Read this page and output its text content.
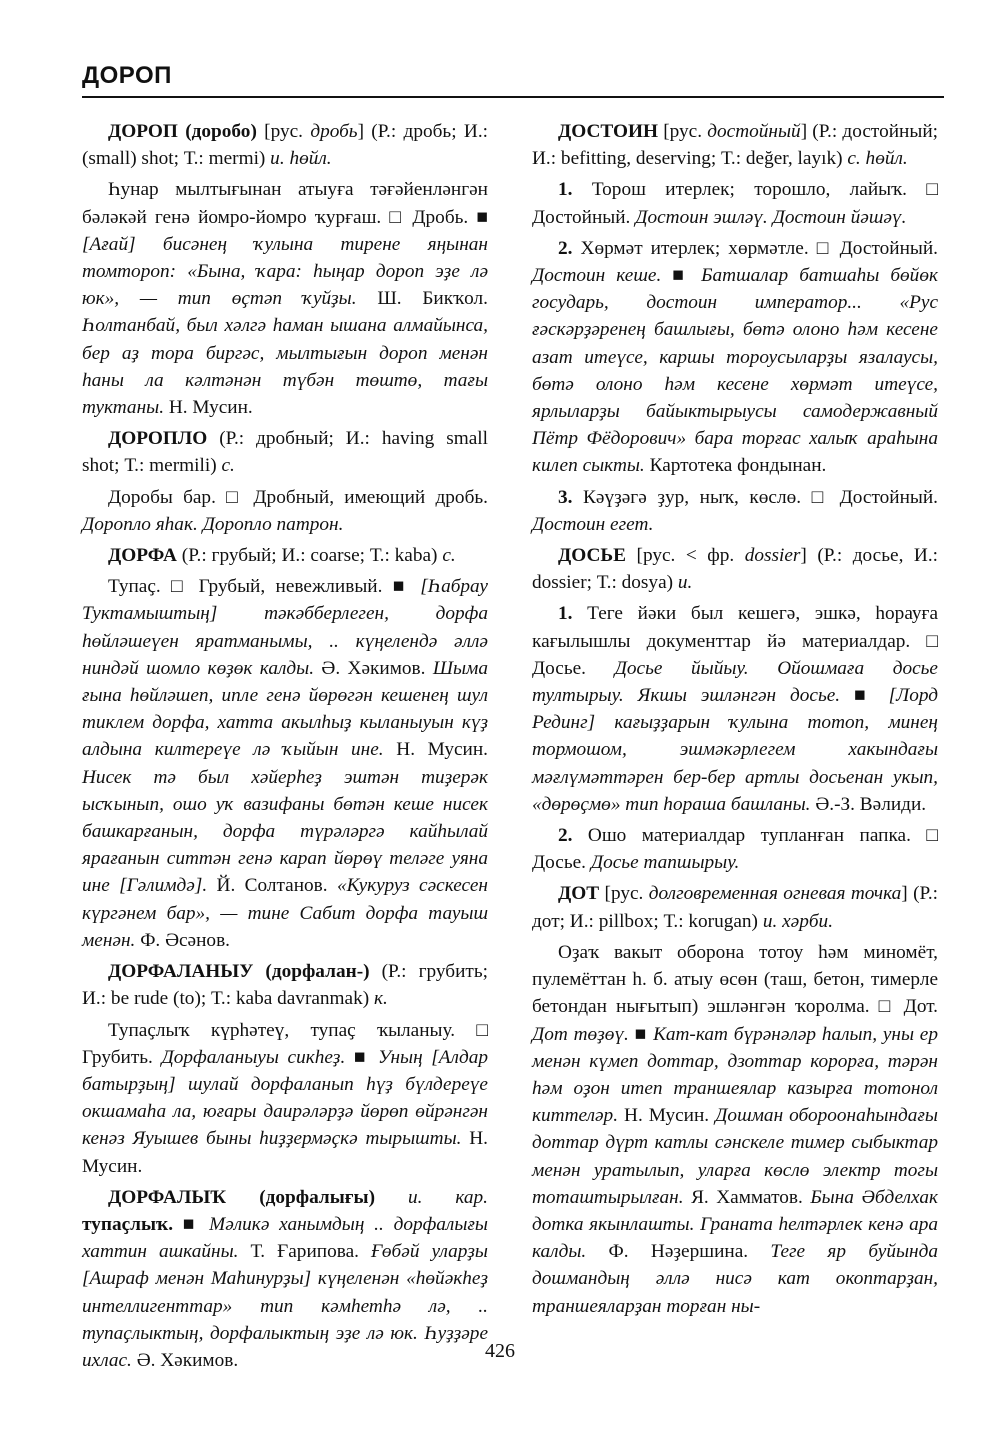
ДОРОП

ДОРОП (доробо) [рус. дробь] (Р.: дробь; И.: (small) shot; Т.: mermi) и. һөйл.

Һунар мылтығынан атыуға тәғәйенләнгән бәләкәй генә йомро-йомро ҡурғаш. □ Дробь. ■ [Ағай] бисәнең ҡулына тирене яңынан томтороп: «Бына, ҡара: һыңар дороп эҙе лә юк», — тип өҫтәп ҡуйҙы. Ш. Бикҡол. Һолтанбай, был хәлгә һаман ышана алмайынса, бер аҙ тора биргәс, мылтығын дороп менән һаны ла кәлтәнән түбән төштө, тағы туктаны. Н. Мусин.

ДОРОПЛО (Р.: дробный; И.: having small shot; Т.: mermili) с.

Доробы бар. □ Дробный, имеющий дробь. Дороплo яһак. Доропло патрон.

ДОРФА (Р.: грубый; И.: coarse; Т.: kaba) с.

Тупаҫ. □ Грубый, невежливый. ■ [Һабрау Туктамыштың] тәкәбберлеген, дорфа һөйләшеүен яратманымы, .. күңелендә әллә ниндәй шомло көҙөк калды. Ә. Хәкимов. Шыма ғына һөйләшеп, ипле генә йөрөгән кешенең шул тиклем дорфа, хатта акылһыҙ кыланыуын күҙ алдына килтереүе лә ҡыйын ине. Н. Мусин. Нисек тә был хәйерһеҙ эштән тиҙерәк ысҡынып, ошо уҡ вазифаны бөтән кеше нисек башкарғанын, дорфа түрәләргә кайһылай ярағанын ситтән генә карап йөрөү теләге уяна ине [Гәлимдә]. Й. Солтанов. «Кукуруз сәскесен күргәнем бар», — тине Сабит дорфа тауыш менән. Ф. Әсәнов.

ДОРФАЛАНЫУ (дорфалан-) (Р.: грубить; И.: be rude (to); Т.: kaba davranmak) к.

Тупаҫлыҡ күрһәтеү, тупаҫ ҡыланыу. □ Грубить. Дорфаланыуы сикһеҙ. ■ Уның [Алдар батырҙың] шулай дорфаланып һүҙ бүлдереүе окшамаһа ла, юғары даирәләрҙә йөрөп өйрәнгән кенәз Яуышев быны һиҙҙермәҫкә тырышты. Н. Мусин.

ДОРФАЛЫҠ (дорфалығы) и. кар. тупаҫлыҡ. ■ Мәликә ханымдың .. дорфалығы хаттин ашкайны. Т. Ғарипова. Ғөбәй уларҙы [Ашраф менән Маһинурҙы] күңеленән «һөйәкһеҙ интеллигенттар» тип кәмһетһә лә, .. тупаҫлыктың, дорфалыктың эҙе лә юк. Һуҙҙәре ихлас. Ә. Хәкимов.

ДОСТОИН [рус. достойный] (Р.: достойный; И.: befitting, deserving; Т.: değer, layık) с. һөйл.

1. Торош итерлек; торошло, лайыҡ. □ Достойный. Достоин эшләү. Достоин йәшәү.

2. Хөрмәт итерлек; хөрмәтле. □ Достойный. Достоин кеше. ■ Батшалар батшаһы бөйөк государь, достоин император... «Рус ғәскәрҙәренең башлығы, бөтә олоно һәм кесене азат итеүсе, каршы тороусыларҙы язалаусы, бөтә олоно һәм кесене хөрмәт итеүсе, ярлыларҙы байыктырыусы самодержавный Пётр Фёдорович» бара торғас халыҡ араһына килеп сыкты. Картотека фондынан.

3. Кәүҙәгә ҙур, ныҡ, көслө. □ Достойный. Достоин егет.

ДОСЬЕ [рус. < фр. dossier] (Р.: досье, И.: dossier; Т.: dosya) и.

1. Теге йәки был кешегә, эшкә, һорауға кағылышлы документтар йә материалдар. □ Досье. Досье йыйыу. Ойошмаға досье тултырыу. Якшы эшләнгән досье. ■ [Лорд Рединг] кағыҙҙарын ҡулына тотоп, минең тормошом, эшмәкәрлегем хакындағы мәғлүмәттәрен бер-бер артлы досьенан укып, «дөрөҫмө» тип һораша башланы. Ә.-З. Вәлиди.

2. Ошо материалдар тупланған папка. □ Досье. Досье тапшырыу.

ДОТ [рус. долговременная огневая точка] (Р.: дот; И.: pillbox; Т.: korugan) и. хәрби.

Оҙаҡ вакыт оборона тотоу һәм миномёт, пулемёттан һ. б. атыу өсөн (таш, бетон, тимерле бетондан нығытып) эшләнгән ҡоролма. □ Дот. Дот төҙөү. ■ Кат-кат бүрәнәләр һалып, уны ер менән күмеп доттар, дзоттар корорға, тәрән һәм оҙон итеп траншеялар казырға тотонол киттеләр. Н. Мусин. Дошман обороонаһындағы доттар дүрт катлы сәнскеле тимер сыбыктар менән уратылып, уларға көслө электр тогы тоташтырылған. Я. Хамматов. Бына Әбделхак дотка якынлашты. Граната һелтәрлек кенә ара калды. Ф. Нәҙершина. Теге яр буйында дошмандың әллә нисә кат окоптарҙан, траншеяларҙан торған ны-

426
